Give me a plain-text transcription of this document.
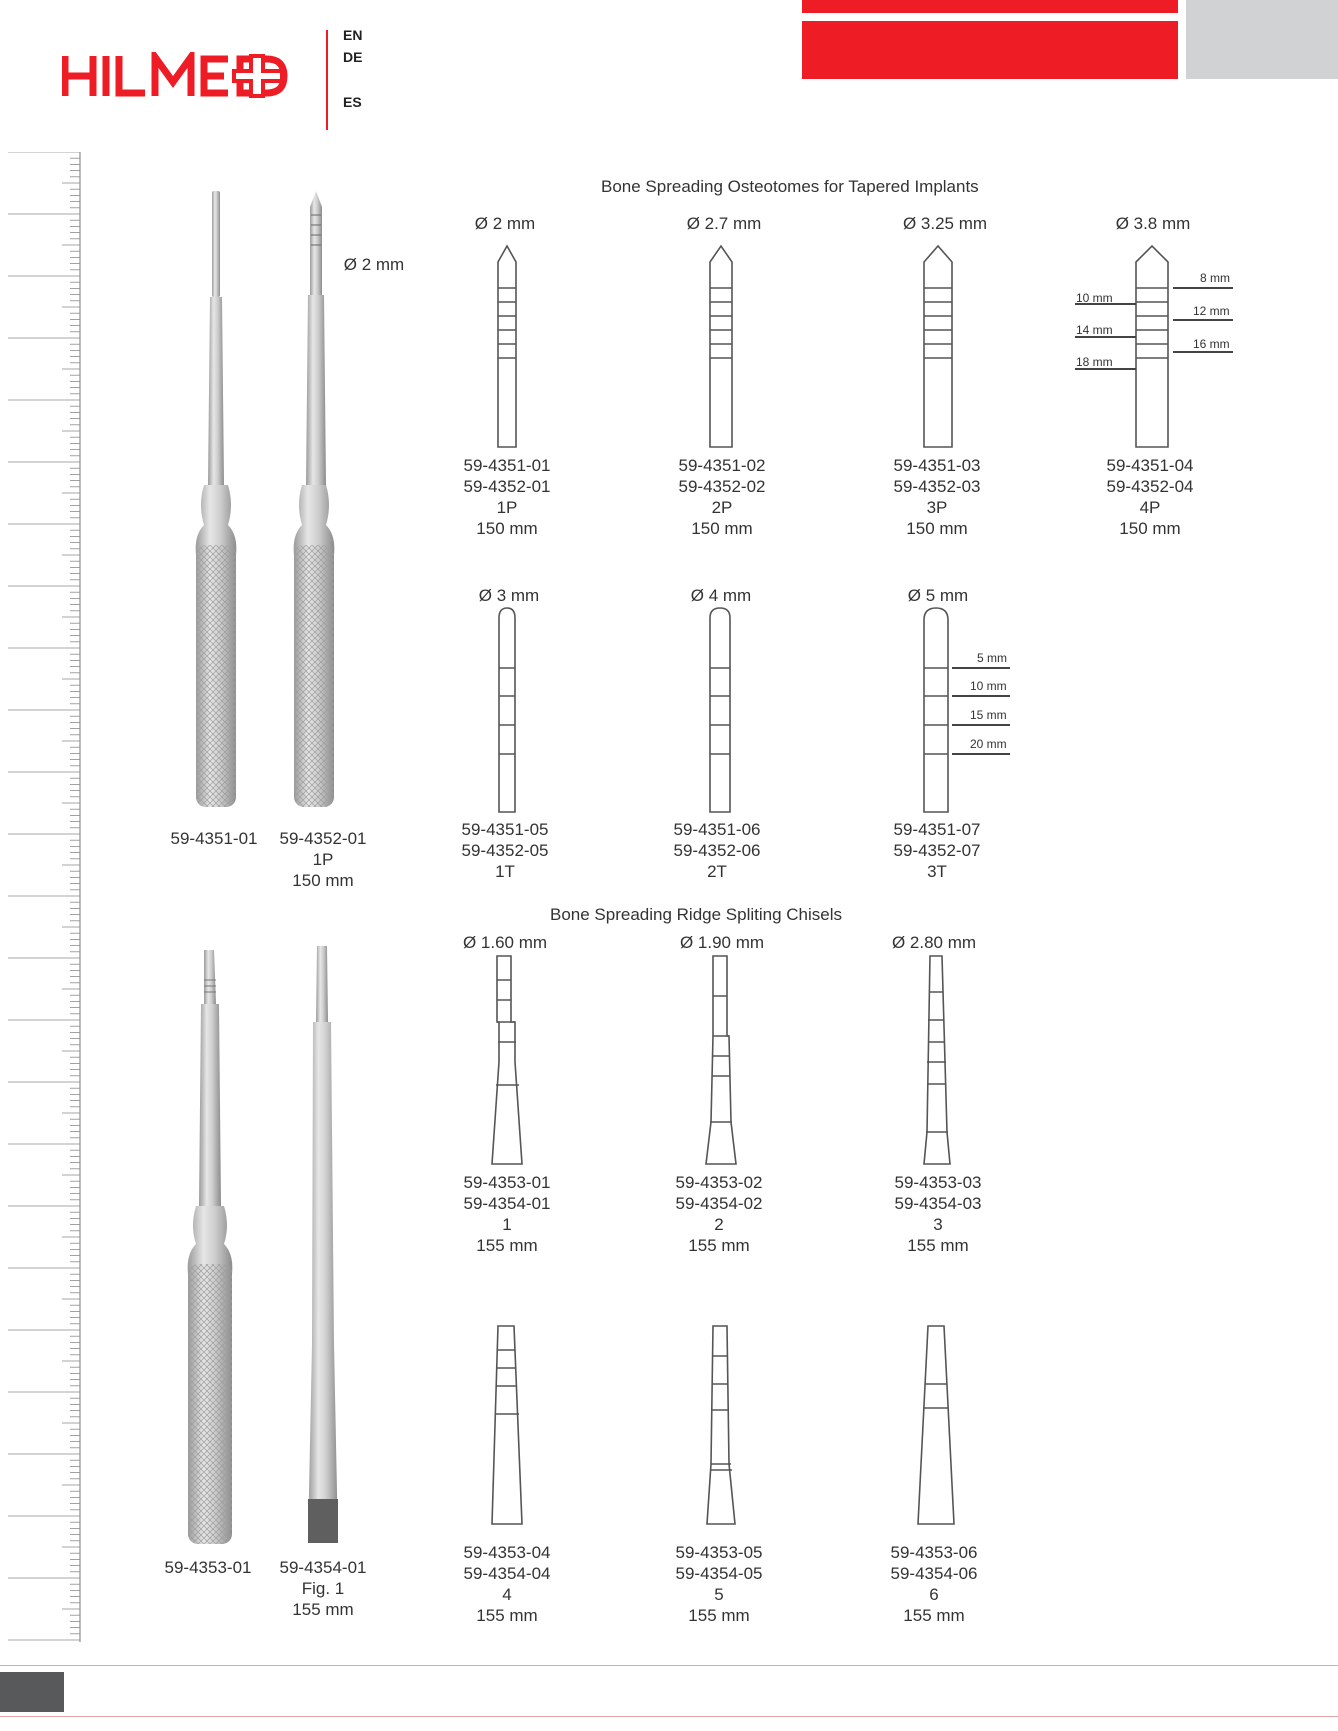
EN
DE
ES
Bone Spreading Osteotomes for Tapered Implants
Ø 2 mm
59-4351-01 59-4352-01
1P
150 mm
Ø 2 mm	Ø 2.7 mm	Ø 3.25 mm	Ø 3.8 mm
10 mm
14 mm
18 mm
8 mm
12 mm
16 mm
59-4351-01
59-4352-01
1P
150 mm
59-4351-02
59-4352-02
2P
150 mm
59-4351-03
59-4352-03
3P
150 mm
59-4351-04
59-4352-04
4P
150 mm
Ø 3 mm	Ø 4 mm	Ø 5 mm
5 mm
10 mm
15 mm
20 mm
59-4351-05
59-4352-05
1T
59-4351-06
59-4352-06
2T
59-4351-07
59-4352-07
3T
Bone Spreading Ridge Spliting Chisels
59-4353-01 59-4354-01
Fig. 1
155 mm
Ø 1.60 mm	Ø 1.90 mm	Ø 2.80 mm
59-4353-01
59-4354-01
1
155 mm
59-4353-02
59-4354-02
2
155 mm
59-4353-03
59-4354-03
3
155 mm
59-4353-04
59-4354-04
4
155 mm
59-4353-05
59-4354-05
5
155 mm
59-4353-06
59-4354-06
6
155 mm
